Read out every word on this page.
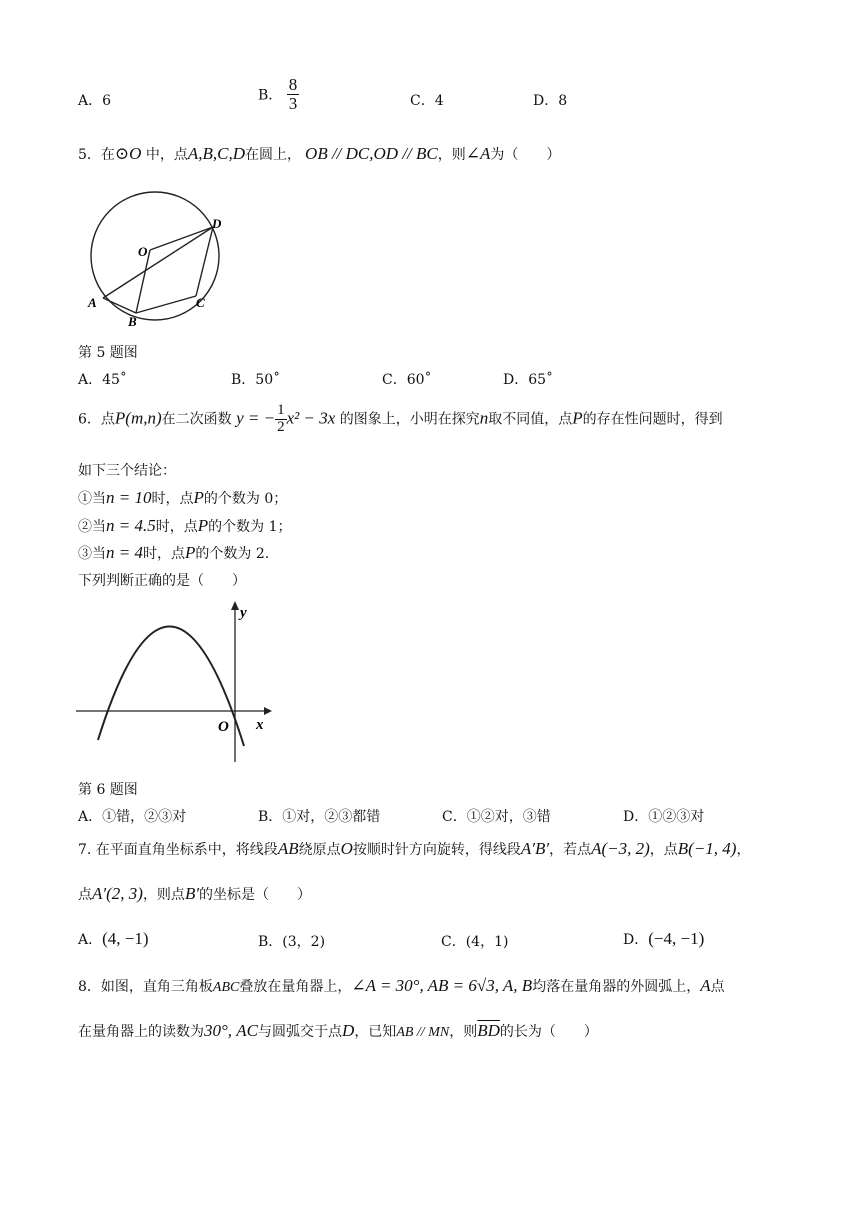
A．6	B． $\frac{8}{3}$	C．4	D．8
5．在⊙O 中，点A,B,C,D在圆上， OB // DC,OD // BC，则∠A为（　　）
O
D
A
B
C
第 5 题图
A．45˚	B．50˚	C．60˚	D．65˚
6．点P(m,n)在二次函数 y = − $\frac{1}{2} x^2 - 3x$ 的图象上，小明在探究n取不同值，点P的存在性问题时，得到
如下三个结论：
①当n = 10时，点P的个数为 0；
②当n = 4.5时，点P的个数为 1；
③当n = 4时，点P的个数为 2.
下列判断正确的是（　　）
y
x
O
第 6 题图
A．①错，②③对	B．①对，②③都错	C．①②对，③错	D．①②③对
7. 在平面直角坐标系中，将线段AB绕原点O按顺时针方向旋转，得线段A′B′，若点A(−3, 2)，点B(−1, 4)，
点A′(2, 3)，则点B′的坐标是（　　）
A．(4, −1)	B．(3，2)	C．(4，1)	D．(−4, −1)
8．如图，直角三角板ABC叠放在量角器上，∠A = 30°, AB = 6√3, A, B均落在量角器的外圆弧上，A点
在量角器上的读数为30°, AC与圆弧交于点D，已知AB // MN，则$\overline{BD}$的长为（　　）
